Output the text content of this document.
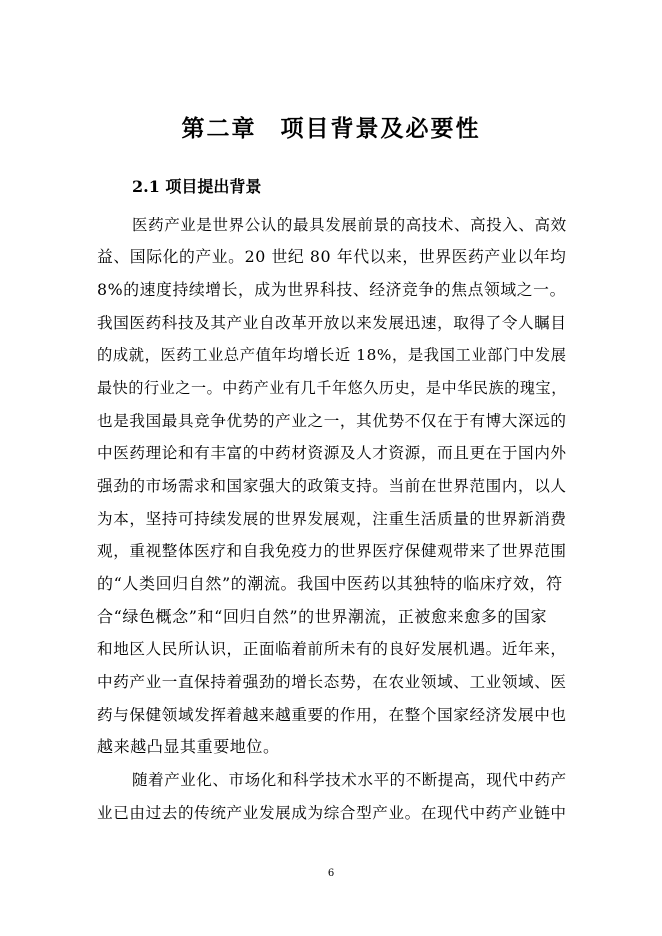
第二章 项目背景及必要性
2.1 项目提出背景
医药产业是世界公认的最具发展前景的高技术、高投入、高效
益、国际化的产业。20 世纪 80 年代以来，世界医药产业以年均
8%的速度持续增长，成为世界科技、经济竞争的焦点领域之一。
我国医药科技及其产业自改革开放以来发展迅速，取得了令人瞩目
的成就，医药工业总产值年均增长近 18%，是我国工业部门中发展
最快的行业之一。中药产业有几千年悠久历史，是中华民族的瑰宝，
也是我国最具竞争优势的产业之一，其优势不仅在于有博大深远的
中医药理论和有丰富的中药材资源及人才资源，而且更在于国内外
强劲的市场需求和国家强大的政策支持。当前在世界范围内，以人
为本，坚持可持续发展的世界发展观，注重生活质量的世界新消费
观，重视整体医疗和自我免疫力的世界医疗保健观带来了世界范围
的“人类回归自然”的潮流。我国中医药以其独特的临床疗效，符
合“绿色概念”和“回归自然”的世界潮流，正被愈来愈多的国家
和地区人民所认识，正面临着前所未有的良好发展机遇。近年来，
中药产业一直保持着强劲的增长态势，在农业领域、工业领域、医
药与保健领域发挥着越来越重要的作用，在整个国家经济发展中也
越来越凸显其重要地位。
随着产业化、市场化和科学技术水平的不断提高，现代中药产
业已由过去的传统产业发展成为综合型产业。在现代中药产业链中
6
